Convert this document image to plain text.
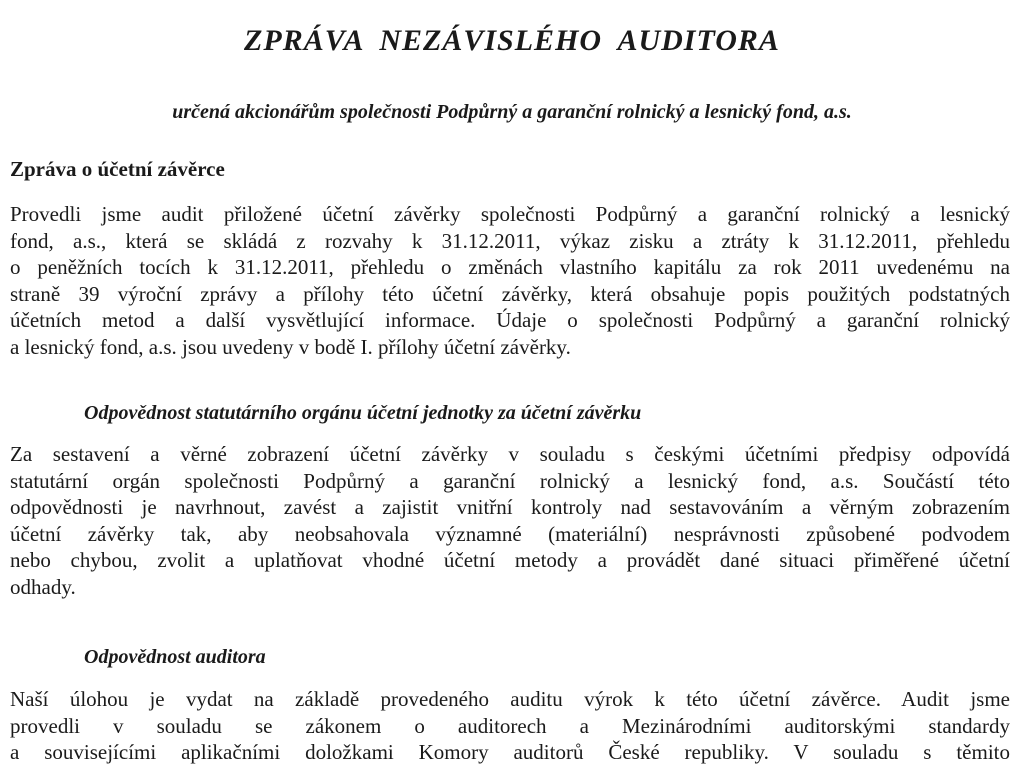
ZPRÁVA NEZÁVISLÉHO AUDITORA
určená akcionářům společnosti Podpůrný a garanční rolnický a lesnický fond, a.s.
Zpráva o účetní závěrce
Provedli jsme audit přiložené účetní závěrky společnosti Podpůrný a garanční rolnický a lesnický
fond, a.s., která se skládá z rozvahy k 31.12.2011, výkaz zisku a ztráty k 31.12.2011, přehledu
o peněžních tocích k 31.12.2011, přehledu o změnách vlastního kapitálu za rok 2011 uvedenému na
straně 39 výroční zprávy a přílohy této účetní závěrky, která obsahuje popis použitých podstatných
účetních metod a další vysvětlující informace. Údaje o společnosti Podpůrný a garanční rolnický
a lesnický fond, a.s. jsou uvedeny v bodě I. přílohy účetní závěrky.
Odpovědnost statutárního orgánu účetní jednotky za účetní závěrku
Za sestavení a věrné zobrazení účetní závěrky v souladu s českými účetními předpisy odpovídá
statutární orgán společnosti Podpůrný a garanční rolnický a lesnický fond, a.s. Součástí této
odpovědnosti je navrhnout, zavést a zajistit vnitřní kontroly nad sestavováním a věrným zobrazením
účetní závěrky tak, aby neobsahovala významné (materiální) nesprávnosti způsobené podvodem
nebo chybou, zvolit a uplatňovat vhodné účetní metody a provádět dané situaci přiměřené účetní
odhady.
Odpovědnost auditora
Naší úlohou je vydat na základě provedeného auditu výrok k této účetní závěrce. Audit jsme
provedli v souladu se zákonem o auditorech a Mezinárodními auditorskými standardy
a souvisejícími aplikačními doložkami Komory auditorů České republiky. V souladu s těmito
